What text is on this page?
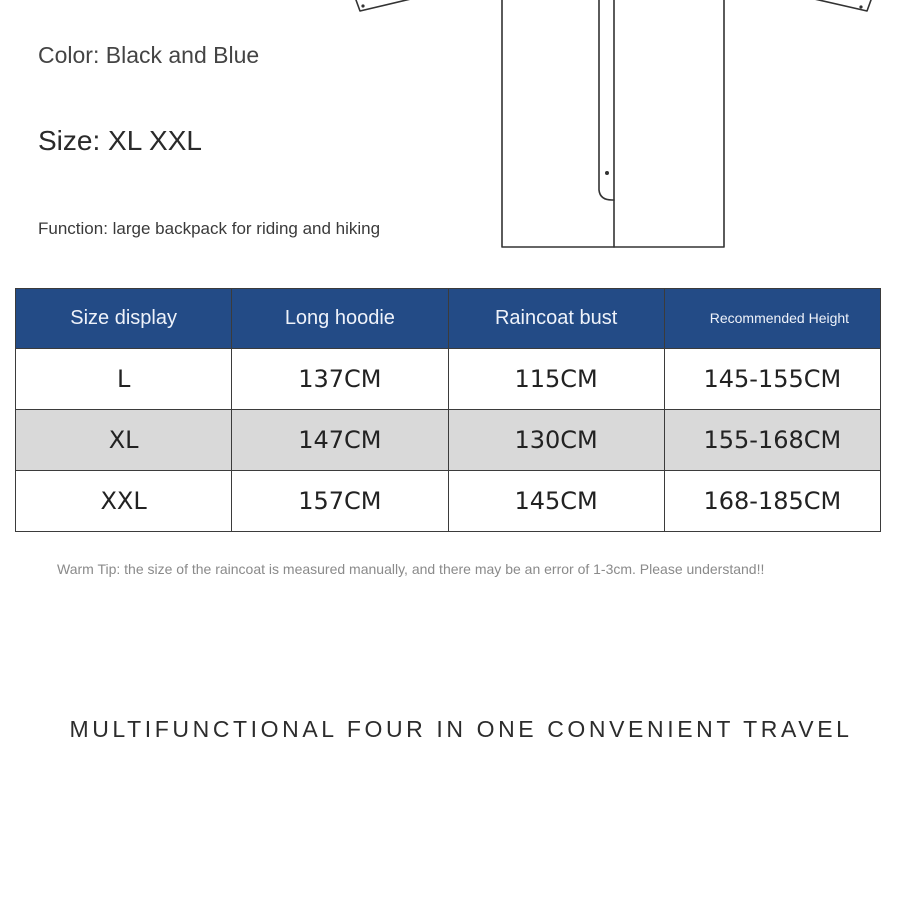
Color: Black and Blue
Size: XL XXL
Function: large backpack for riding and hiking
Size display	Long hoodie	Raincoat bust	Recommended Height
L	137CM	115CM	145-155CM
XL	147CM	130CM	155-168CM
XXL	157CM	145CM	168-185CM
Warm Tip: the size of the raincoat is measured manually, and there may be an error of 1-3cm. Please understand!!
MULTIFUNCTIONAL FOUR IN ONE CONVENIENT TRAVEL
